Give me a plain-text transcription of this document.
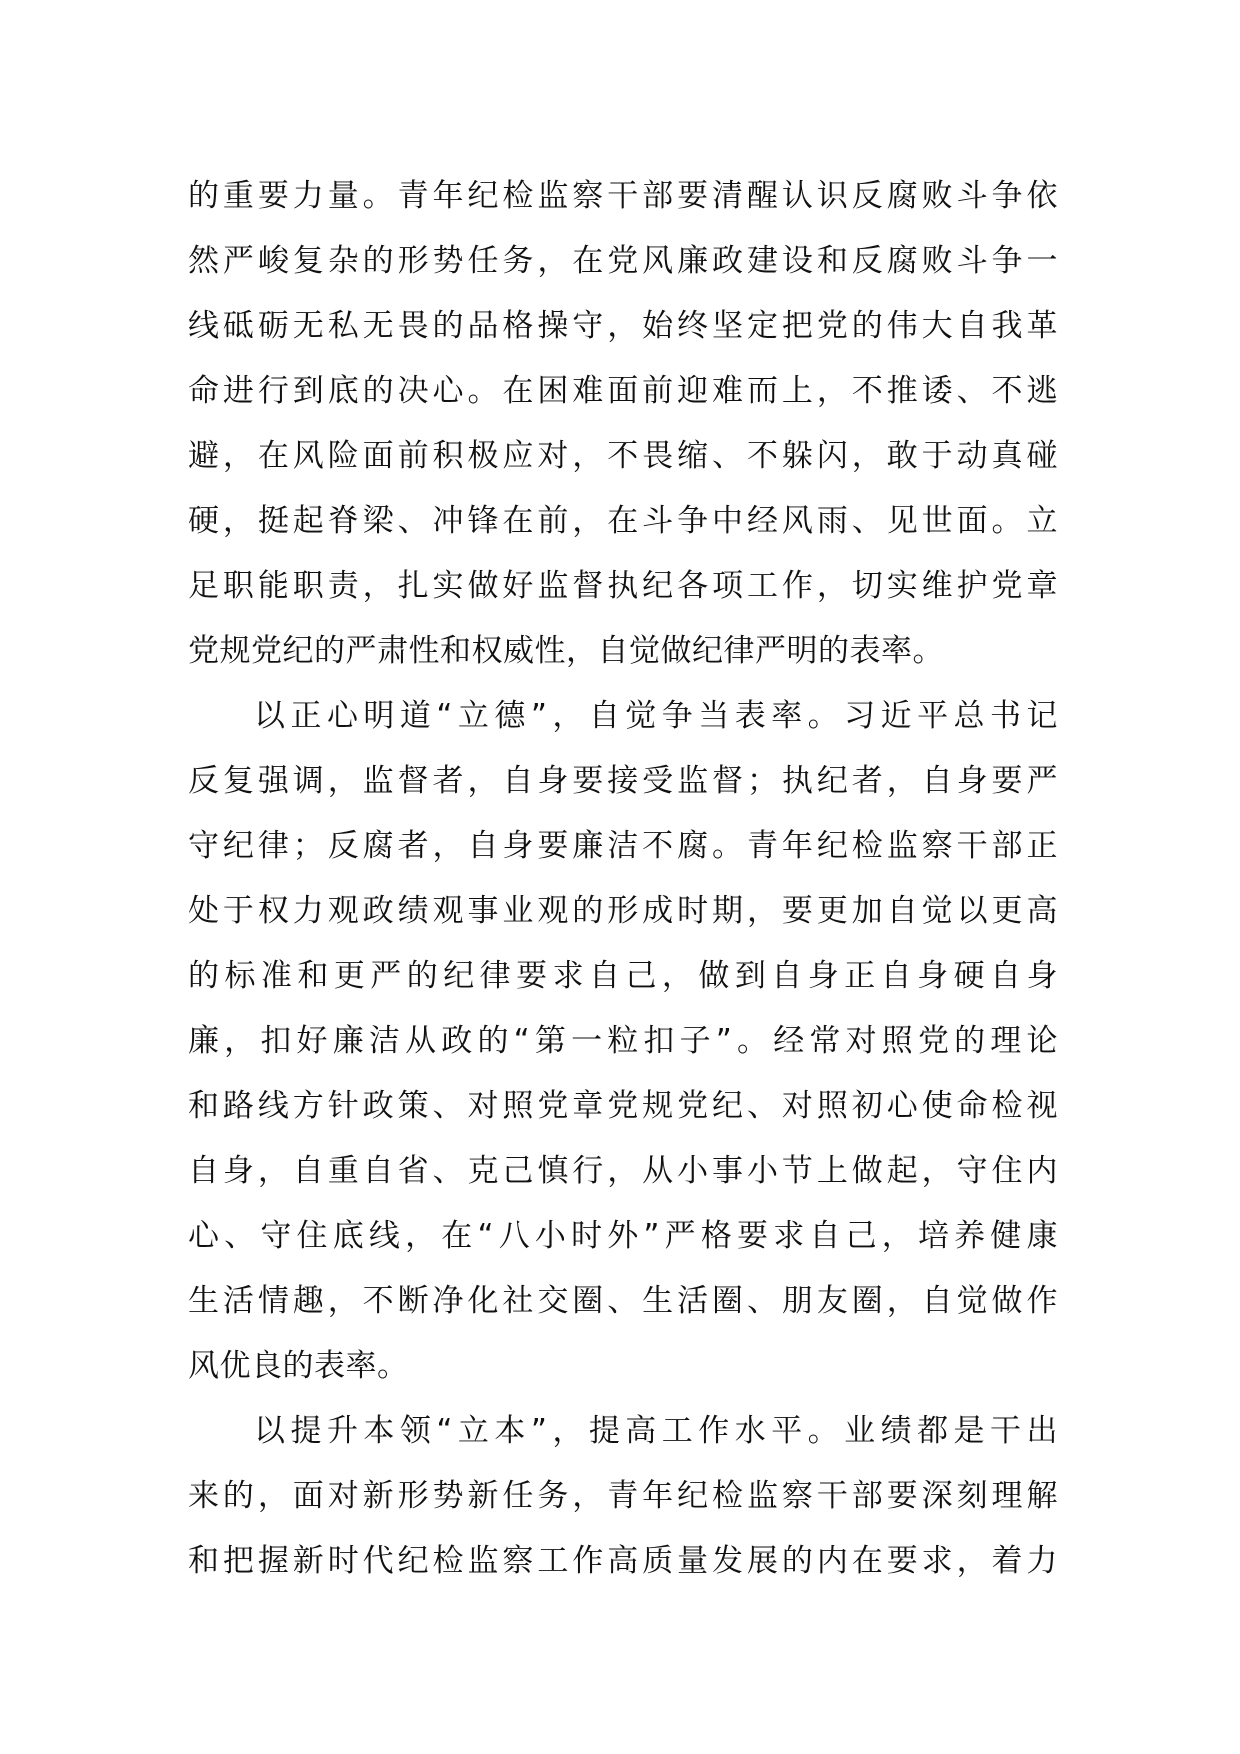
的重要力量。青年纪检监察干部要清醒认识反腐败斗争依
然严峻复杂的形势任务，在党风廉政建设和反腐败斗争一
线砥砺无私无畏的品格操守，始终坚定把党的伟大自我革
命进行到底的决心。在困难面前迎难而上，不推诿、不逃
避，在风险面前积极应对，不畏缩、不躲闪，敢于动真碰
硬，挺起脊梁、冲锋在前，在斗争中经风雨、见世面。立
足职能职责，扎实做好监督执纪各项工作，切实维护党章
党规党纪的严肃性和权威性，自觉做纪律严明的表率。
以正心明道“立德”，自觉争当表率。习近平总书记
反复强调，监督者，自身要接受监督；执纪者，自身要严
守纪律；反腐者，自身要廉洁不腐。青年纪检监察干部正
处于权力观政绩观事业观的形成时期，要更加自觉以更高
的标准和更严的纪律要求自己，做到自身正自身硬自身
廉，扣好廉洁从政的“第一粒扣子”。经常对照党的理论
和路线方针政策、对照党章党规党纪、对照初心使命检视
自身，自重自省、克己慎行，从小事小节上做起，守住内
心、守住底线，在“八小时外”严格要求自己，培养健康
生活情趣，不断净化社交圈、生活圈、朋友圈，自觉做作
风优良的表率。
以提升本领“立本”，提高工作水平。业绩都是干出
来的，面对新形势新任务，青年纪检监察干部要深刻理解
和把握新时代纪检监察工作高质量发展的内在要求，着力
